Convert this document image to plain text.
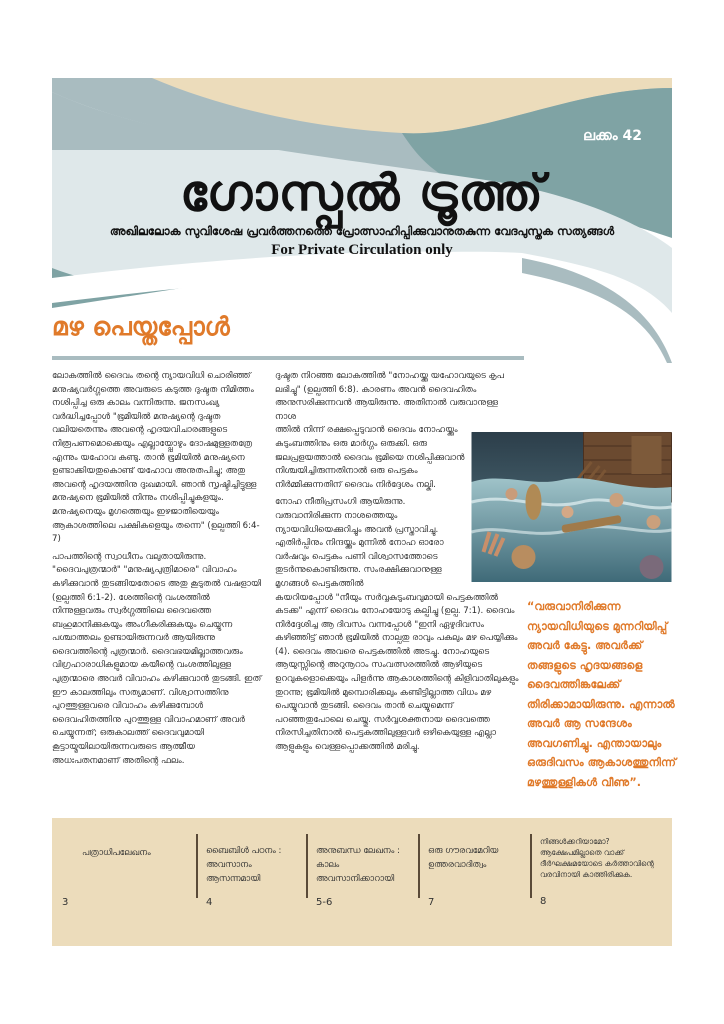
ലക്കം 42
ഗോസ്പൽ ട്രൂത്ത്
അഖിലലോക സുവിശേഷ പ്രവർത്തനത്തെ പ്രോത്സാഹിപ്പിക്കുവാനുതകുന്ന വേദപുസ്തക സത്യങ്ങൾ
For Private Circulation only
മഴ പെയ്തപ്പോൾ

ലോകത്തിൽ ദൈവം തന്റെ ന്യായവിധി ചൊരിഞ്ഞ് മനുഷ്യവർഗ്ഗത്തെ അവരുടെ കടുത്ത ദുഷ്ടത നിമിത്തം നശിപ്പിച്ച ഒരു കാലം വന്നിരുന്നു. ജനസംഖ്യ വർദ്ധിച്ചപ്പോൾ "ഭൂമിയിൽ മനുഷ്യന്റെ ദുഷ്ടത വലിയതെന്നും അവന്റെ ഹൃദയവിചാരങ്ങളുടെ നിരൂപണമൊക്കെയും എല്ലായ്പ്പോഴും ദോഷമുള്ളതത്രേ എന്നും യഹോവ കണ്ടു. താൻ ഭൂമിയിൽ മനുഷ്യനെ ഉണ്ടാക്കിയതുകൊണ്ട് യഹോവ അനുതപിച്ചു; അതു അവന്റെ ഹൃദയത്തിനു ദുഃഖമായി. ഞാൻ സൃഷ്ടിച്ചിട്ടുള്ള മനുഷ്യനെ ഭൂമിയിൽ നിന്നും നശിപ്പിച്ചുകളയും. മനുഷ്യനെയും മൃഗത്തെയും ഇഴജാതിയെയും ആകാശത്തിലെ പക്ഷികളെയും തന്നെ" (ഉല്പത്തി 6:4-7)

പാപത്തിന്റെ സ്വാധീനം വലുതായിരുന്നു. "ദൈവപുത്രന്മാർ" "മനുഷ്യപുത്രിമാരെ" വിവാഹം കഴിക്കുവാൻ തുടങ്ങിയതോടെ അതു കൂടുതൽ വഷളായി (ഉല്പത്തി 6:1-2). ശേത്തിന്റെ വംശത്തിൽ നിന്നുള്ളവരും സ്വർഗ്ഗത്തിലെ ദൈവത്തെ ബഹുമാനിക്കുകയും അംഗീകരിക്കുകയും ചെയ്യുന്ന പശ്ചാത്തലം ഉണ്ടായിരുന്നവർ ആയിരുന്നു ദൈവത്തിന്റെ പുത്രന്മാർ. ദൈവഭയമില്ലാത്തവരും വിഗ്രഹാരാധികളുമായ കയീന്റെ വംശത്തിലുള്ള പുത്രന്മാരെ അവർ വിവാഹം കഴിക്കുവാൻ തുടങ്ങി. ഇത് ഈ കാലത്തിലും സത്യമാണ്. വിശ്വാസത്തിനു പുറത്തുള്ളവരെ വിവാഹം കഴിക്കുമ്പോൾ ദൈവഹിതത്തിനു പുറത്തുള്ള വിവാഹമാണ് അവർ ചെയ്യുന്നത്; ഒരുകാലത്ത് ദൈവവുമായി കൂട്ടായ്മയിലായിരുന്നവരുടെ ആത്മീയ അധഃപതനമാണ് അതിന്റെ ഫലം.

ദുഷ്ടത നിറഞ്ഞ ലോകത്തിൽ "നോഹയ്ക്കു യഹോവയുടെ കൃപ ലഭിച്ചു" (ഉല്പത്തി 6:8). കാരണം അവൻ ദൈവഹിതം അനുസരിക്കുന്നവൻ ആയിരുന്നു. അതിനാൽ വരുവാനുള്ള നാശ

ത്തിൽ നിന്ന് രക്ഷപ്പെടുവാൻ ദൈവം നോഹയ്ക്കും കുടുംബത്തിനും ഒരു മാർഗ്ഗം ഒരുക്കി. ഒരു ജലപ്രളയത്താൽ ദൈവം ഭൂമിയെ നശിപ്പിക്കുവാൻ നിശ്ചയിച്ചിരുന്നതിനാൽ ഒരു പെട്ടകം നിർമ്മിക്കുന്നതിന് ദൈവം നിർദ്ദേശം നല്കി.

നോഹ നീതിപ്രസംഗി ആയിരുന്നു. വരുവാനിരിക്കുന്ന നാശത്തെയും ന്യായവിധിയെക്കുറിച്ചും അവൻ പ്രസ്താവിച്ചു. എതിർപ്പിനും നിന്ദയ്ക്കും മുന്നിൽ നോഹ ഓരോ വർഷവും പെട്ടകം പണി വിശ്വാസത്തോടെ തുടർന്നുകൊണ്ടിരുന്നു. സംരക്ഷിക്കുവാനുള്ള മൃഗങ്ങൾ പെട്ടകത്തിൽ

കയറിയപ്പോൾ "നീയും സർവ്വകുടുംബവുമായി പെട്ടകത്തിൽ കടക്ക" എന്ന് ദൈവം നോഹയോടു കല്പിച്ചു (ഉല്പ. 7:1). ദൈവം നിർദ്ദേശിച്ച ആ ദിവസം വന്നപ്പോൾ "ഇനി ഏഴുദിവസം കഴിഞ്ഞിട്ട് ഞാൻ ഭൂമിയിൽ നാല്പതു രാവും പകലും മഴ പെയ്യിക്കും (4). ദൈവം അവരെ പെട്ടകത്തിൽ അടച്ചു. നോഹയുടെ ആയുസ്സിന്റെ അറുനൂറാം സംവത്സരത്തിൽ ആഴിയുടെ ഉറവുകളൊക്കെയും പിളർന്നു ആകാശത്തിന്റെ കിളിവാതിലുകളും തുറന്നു; ഭൂമിയിൽ മുമ്പൊരിക്കലും കണ്ടിട്ടില്ലാത്ത വിധം മഴ പെയ്യുവാൻ തുടങ്ങി. ദൈവം താൻ ചെയ്യുമെന്ന് പറഞ്ഞതുപോലെ ചെയ്തു. സർവ്വശക്തനായ ദൈവത്തെ നിരസിച്ചതിനാൽ പെട്ടകത്തിലുള്ളവർ ഒഴികെയുള്ള എല്ലാ ആളുകളും വെള്ളപ്പൊക്കത്തിൽ മരിച്ചു.

“വരുവാനിരിക്കുന്ന ന്യായവിധിയുടെ മുന്നറിയിപ്പ് അവർ കേട്ടു. അവർക്ക് തങ്ങളുടെ ഹൃദയങ്ങളെ ദൈവത്തിങ്കലേക്ക് തിരിക്കാമായിരുന്നു. എന്നാൽ അവർ ആ സന്ദേശം അവഗണിച്ചു. എന്തായാലും ഒരുദിവസം ആകാശത്തുനിന്ന് മഴത്തുള്ളികൾ വീണു”.
പത്രാധിപലേഖനം
3
ബൈബിൾ പഠനം : അവസാനം ആസന്നമായി
4
അനുബന്ധ ലേഖനം : കാലം അവസാനിക്കാറായി
5-6
ഒരു ഗൗരവമേറിയ ഉത്തരവാദിത്വം
7
നിങ്ങൾക്കറിയാമോ? ആക്ഷേപമില്ലാതെ വാക്ക് ദീർഘക്ഷമയോടെ കർത്താവിന്റെ വരവിനായി കാത്തിരിക്കുക.
8
